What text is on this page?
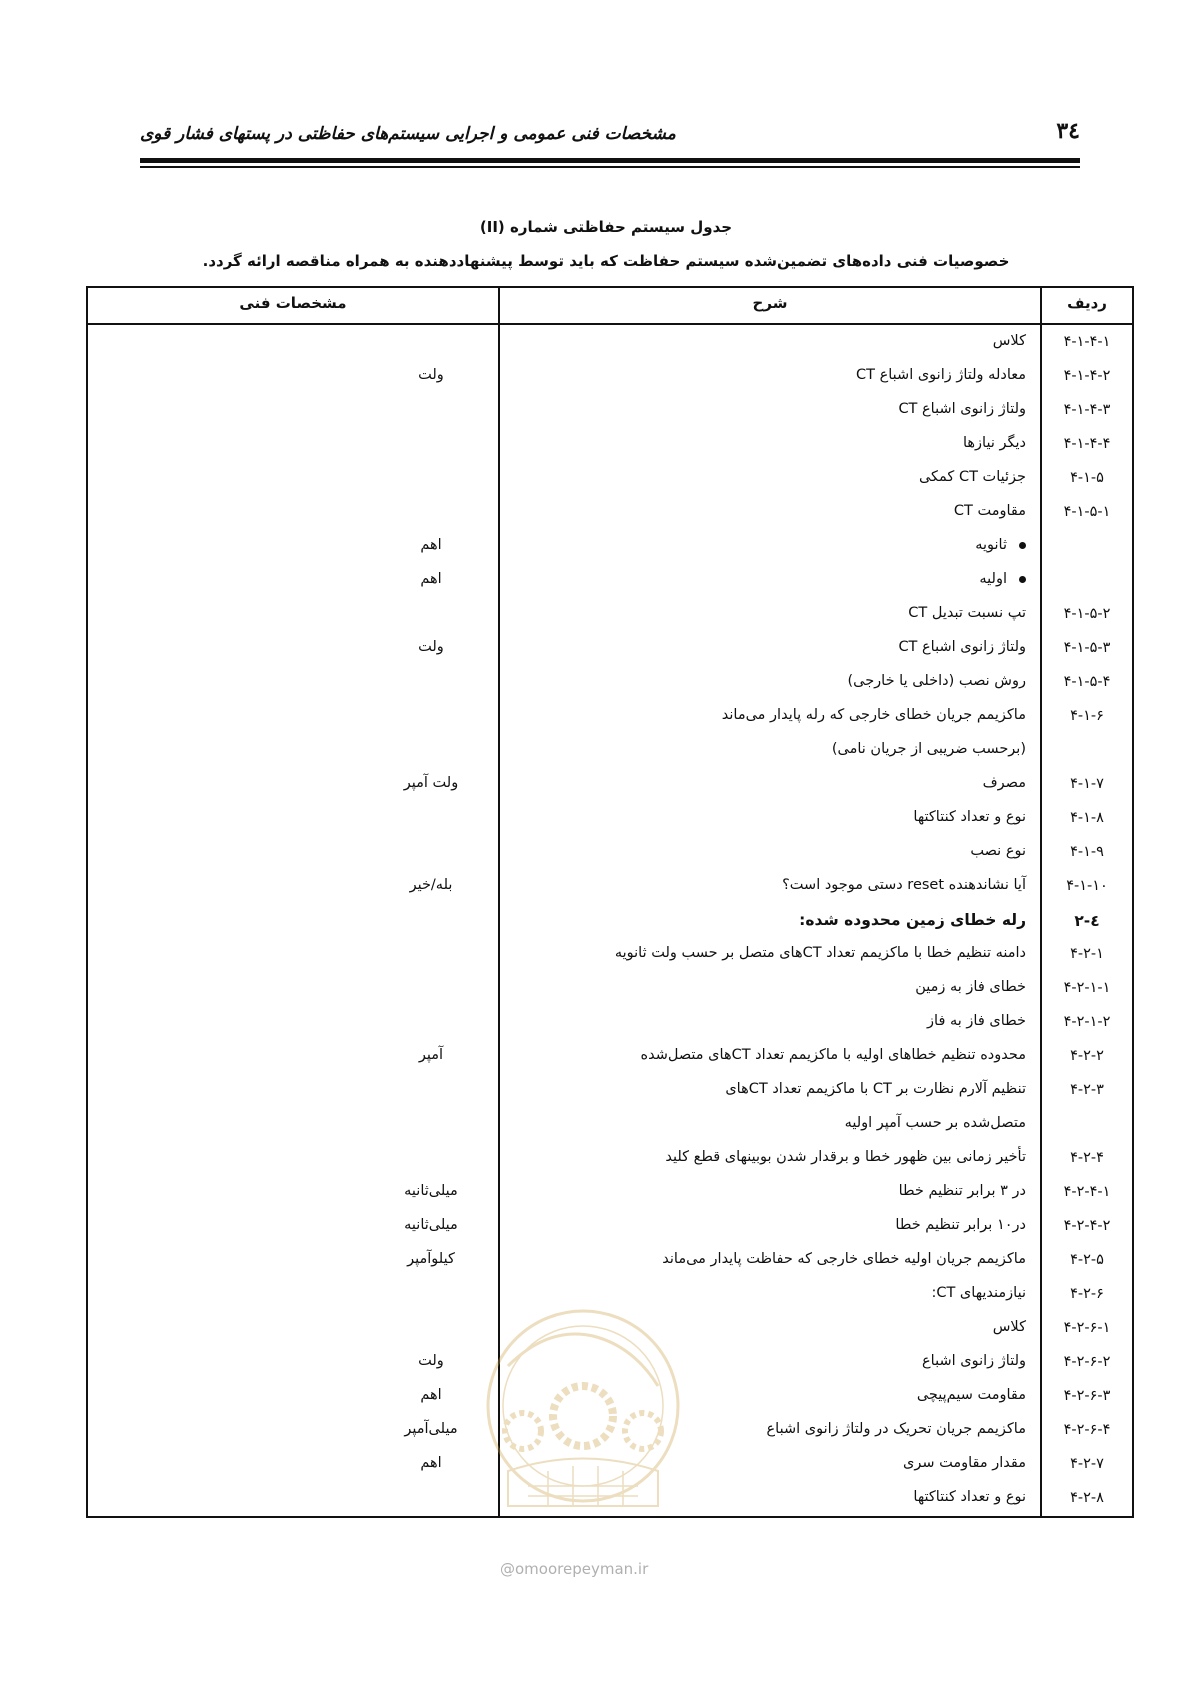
۳٤
مشخصات فنی عمومی و اجرایی سیستم‌های حفاظتی در پستهای فشار قوی
جدول سیستم حفاظتی شماره (II)
خصوصیات فنی داده‌های تضمین‌شده سیستم حفاظت که باید توسط پیشنهاددهنده به همراه مناقصه ارائه گردد.
ردیف
شرح
مشخصات فنی
۴-۱-۴-۱
کلاس
۴-۱-۴-۲
معادله ولتاژ زانوی اشباع CT
ولت
۴-۱-۴-۳
ولتاژ زانوی اشباع CT
۴-۱-۴-۴
دیگر نیازها
۴-۱-۵
جزئیات CT کمکی
۴-۱-۵-۱
مقاومت CT
ثانویه
اهم
اولیه
اهم
۴-۱-۵-۲
تپ نسبت تبدیل CT
۴-۱-۵-۳
ولتاژ زانوی اشباع CT
ولت
۴-۱-۵-۴
روش نصب (داخلی یا خارجی)
۴-۱-۶
ماکزیمم جریان خطای خارجی که رله پایدار می‌ماند
(برحسب ضریبی از جریان نامی)
۴-۱-۷
مصرف
ولت آمپر
۴-۱-۸
نوع و تعداد کنتاکتها
۴-۱-۹
نوع نصب
۴-۱-۱۰
آیا نشاندهنده reset دستی موجود است؟
بله/خیر
٤-۲
رله خطای زمین محدوده شده:
۴-۲-۱
دامنه تنظیم خطا با ماکزیمم تعداد CTهای متصل بر حسب ولت ثانویه
۴-۲-۱-۱
خطای فاز به زمین
۴-۲-۱-۲
خطای فاز به فاز
۴-۲-۲
محدوده تنظیم خطاهای اولیه با ماکزیمم تعداد CTهای متصل‌شده
آمپر
۴-۲-۳
تنظیم آلارم نظارت بر CT با ماکزیمم تعداد CTهای
متصل‌شده بر حسب آمپر اولیه
۴-۲-۴
تأخیر زمانی بین ظهور خطا و برقدار شدن بوبینهای قطع کلید
۴-۲-۴-۱
در ۳ برابر تنظیم خطا
میلی‌ثانیه
۴-۲-۴-۲
در۱۰ برابر تنظیم خطا
میلی‌ثانیه
۴-۲-۵
ماکزیمم جریان اولیه خطای خارجی که حفاظت پایدار می‌ماند
کیلوآمپر
۴-۲-۶
نیازمندیهای CT:
۴-۲-۶-۱
کلاس
۴-۲-۶-۲
ولتاژ زانوی اشباع
ولت
۴-۲-۶-۳
مقاومت سیم‌پیچی
اهم
۴-۲-۶-۴
ماکزیمم جریان تحریک در ولتاژ زانوی اشباع
میلی‌آمپر
۴-۲-۷
مقدار مقاومت سری
اهم
۴-۲-۸
نوع و تعداد کنتاکتها
@omoorepeyman.ir
